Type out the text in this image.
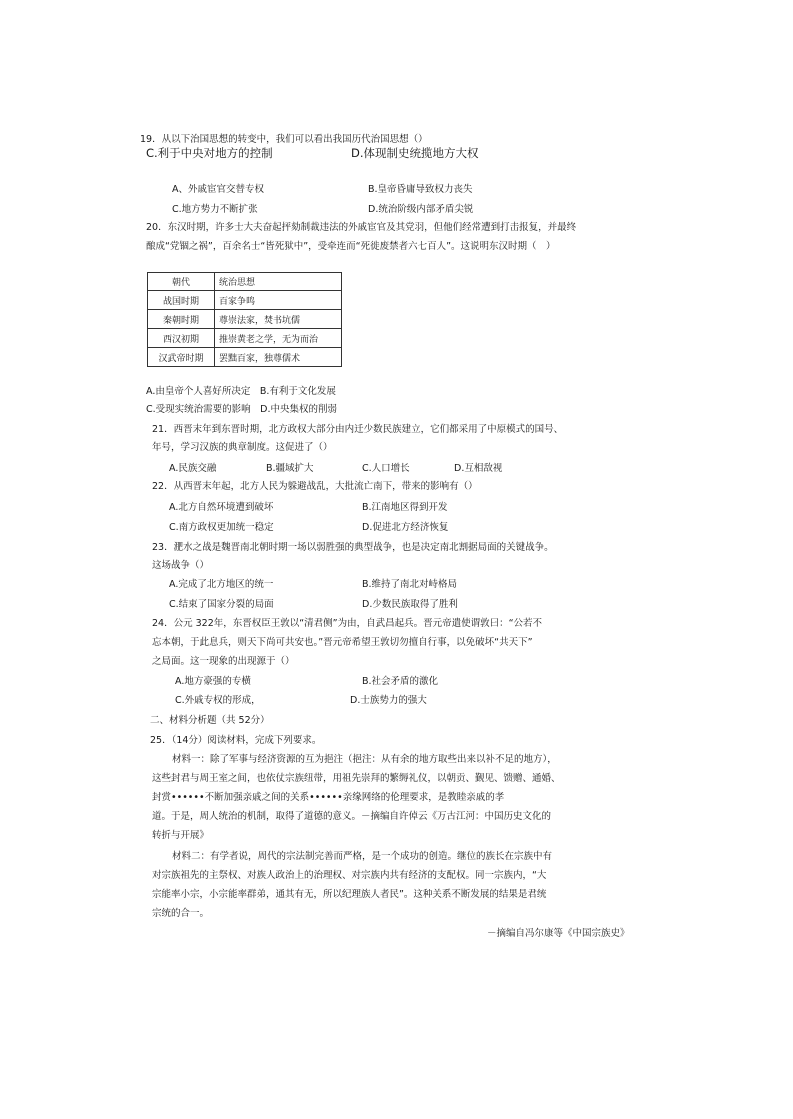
19．从以下治国思想的转变中，我们可以看出我国历代治国思想（）
C.利于中央对地方的控制	D.体现制史统揽地方大权
A、外戚宦官交替专权	B.皇帝昏庸导致权力丧失
C.地方势力不断扩张	D.统治阶级内部矛盾尖锐
20．东汉时期，许多士大夫奋起抨劾制裁违法的外戚宦官及其党羽，但他们经常遭到打击报复，并最终
酿成“党锢之祸”，百余名士“皆死狱中”，受牵连而“死徙废禁者六七百人”。这说明东汉时期（　）
朝代	统治思想
战国时期	百家争鸣
秦朝时期	尊崇法家，焚书坑儒
西汉初期	推崇黄老之学，无为而治
汉武帝时期	罢黜百家，独尊儒术
A.由皇帝个人喜好所决定　B.有利于文化发展
C.受现实统治需要的影响　D.中央集权的削弱
21．西晋末年到东晋时期，北方政权大部分由内迁少数民族建立，它们都采用了中原模式的国号、
年号，学习汉族的典章制度。这促进了（）
A.民族交融	B.疆域扩大	C.人口增长	D.互相敌视
22．从西晋末年起，北方人民为躲避战乱，大批流亡南下，带来的影响有（）
A.北方自然环境遭到破坏	B.江南地区得到开发
C.南方政权更加统一稳定	D.促进北方经济恢复
23．淝水之战是魏晋南北朝时期一场以弱胜强的典型战争，也是决定南北割据局面的关键战争。
这场战争（）
A.完成了北方地区的统一	B.维持了南北对峙格局
C.结束了国家分裂的局面	D.少数民族取得了胜利
24．公元 322年，东晋权臣王敦以“清君侧”为由，自武昌起兵。晋元帝遣使谓敦曰：“公若不
忘本朝，于此息兵，则天下尚可共安也。”晋元帝希望王敦切勿擅自行事，以免破坏“共天下”
之局面。这一现象的出现源于（）
A.地方豪强的专横	B.社会矛盾的激化
C.外戚专权的形成，	D.士族势力的强大
二、材料分析题（共 52分）
25．（14分）阅读材料，完成下列要求。
材料一：除了军事与经济资源的互为挹注（挹注：从有余的地方取些出来以补不足的地方），
这些封君与周王室之间，也依仗宗族纽带，用祖先崇拜的繁缛礼仪，以朝贡、觐见、馈赠、通婚、
封赏••••••不断加强亲戚之间的关系••••••亲缘网络的伦理要求，是教睦亲戚的孝
道。于是，周人统治的机制，取得了道德的意义。－摘编自许倬云《万古江河：中国历史文化的
转折与开展》
材料二：有学者说，周代的宗法制完善而严格，是一个成功的创造。继位的族长在宗族中有
对宗族祖先的主祭权、对族人政治上的治理权、对宗族内共有经济的支配权。同一宗族内，“大
宗能率小宗，小宗能率群弟，通其有无，所以纪理族人者民”。这种关系不断发展的结果是君统
宗统的合一。
－摘编自冯尔康等《中国宗族史》
